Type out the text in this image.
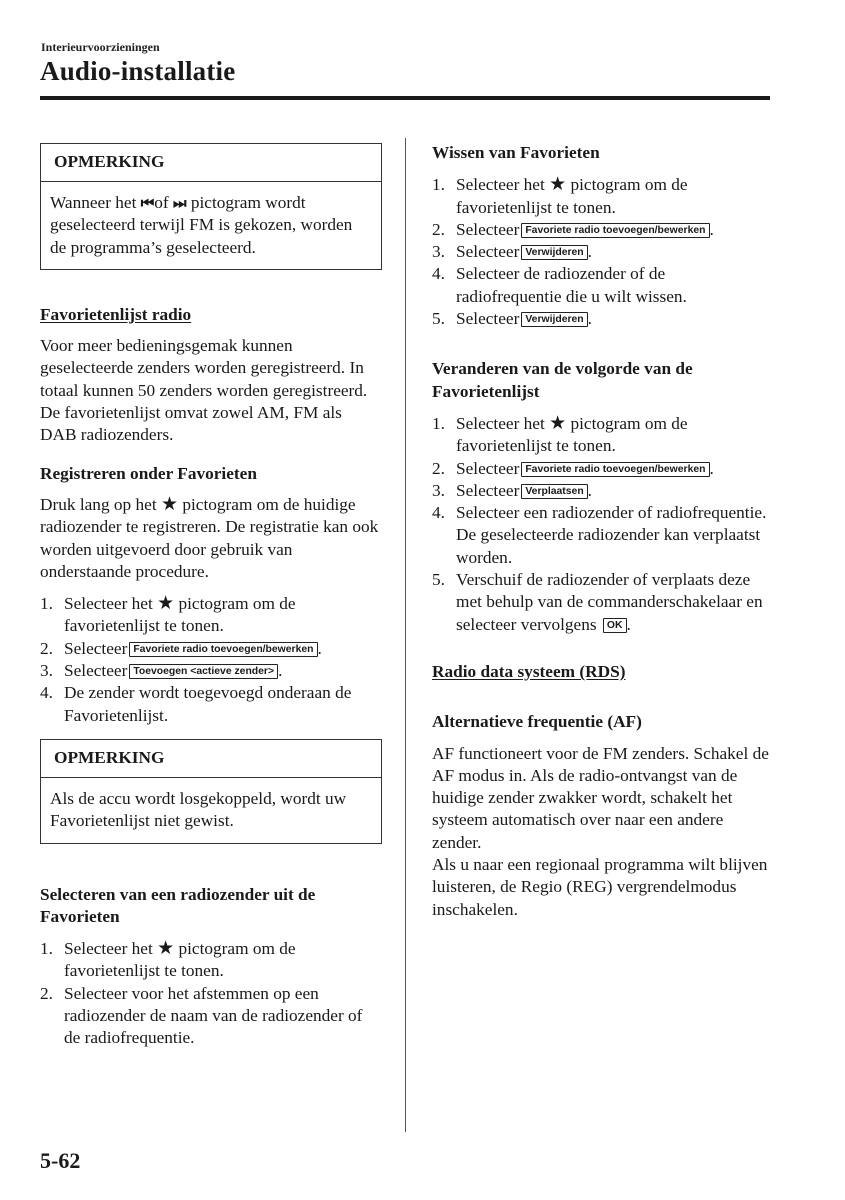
Interieurvoorzieningen
Audio-installatie
OPMERKING
Wanneer het ⏮of ⏭ pictogram wordt geselecteerd terwijl FM is gekozen, worden de programma’s geselecteerd.
Favorietenlijst radio

Voor meer bedieningsgemak kunnen geselecteerde zenders worden geregistreerd. In totaal kunnen 50 zenders worden geregistreerd. De favorietenlijst omvat zowel AM, FM als DAB radiozenders.

Registreren onder Favorieten

Druk lang op het ★ pictogram om de huidige radiozender te registreren. De registratie kan ook worden uitgevoerd door gebruik van onderstaande procedure.

1. Selecteer het ★ pictogram om de favorietenlijst te tonen.
2. Selecteer Favoriete radio toevoegen/bewerken .
3. Selecteer Toevoegen <actieve zender> .
4. De zender wordt toegevoegd onderaan de Favorietenlijst.
OPMERKING
Als de accu wordt losgekoppeld, wordt uw Favorietenlijst niet gewist.
Selecteren van een radiozender uit de Favorieten
1. Selecteer het ★ pictogram om de favorietenlijst te tonen.
2. Selecteer voor het afstemmen op een radiozender de naam van de radiozender of de radiofrequentie.
Wissen van Favorieten
1. Selecteer het ★ pictogram om de favorietenlijst te tonen.
2. Selecteer Favoriete radio toevoegen/bewerken .
3. Selecteer Verwijderen .
4. Selecteer de radiozender of de radiofrequentie die u wilt wissen.
5. Selecteer Verwijderen .
Veranderen van de volgorde van de Favorietenlijst
1. Selecteer het ★ pictogram om de favorietenlijst te tonen.
2. Selecteer Favoriete radio toevoegen/bewerken .
3. Selecteer Verplaatsen .
4. Selecteer een radiozender of radiofrequentie. De geselecteerde radiozender kan verplaatst worden.
5. Verschuif de radiozender of verplaats deze met behulp van de commanderschakelaar en selecteer vervolgens OK .
Radio data systeem (RDS)
Alternatieve frequentie (AF)

AF functioneert voor de FM zenders. Schakel de AF modus in. Als de radio-ontvangst van de huidige zender zwakker wordt, schakelt het systeem automatisch over naar een andere zender.

Als u naar een regionaal programma wilt blijven luisteren, de Regio (REG) vergrendelmodus inschakelen.

5-62
